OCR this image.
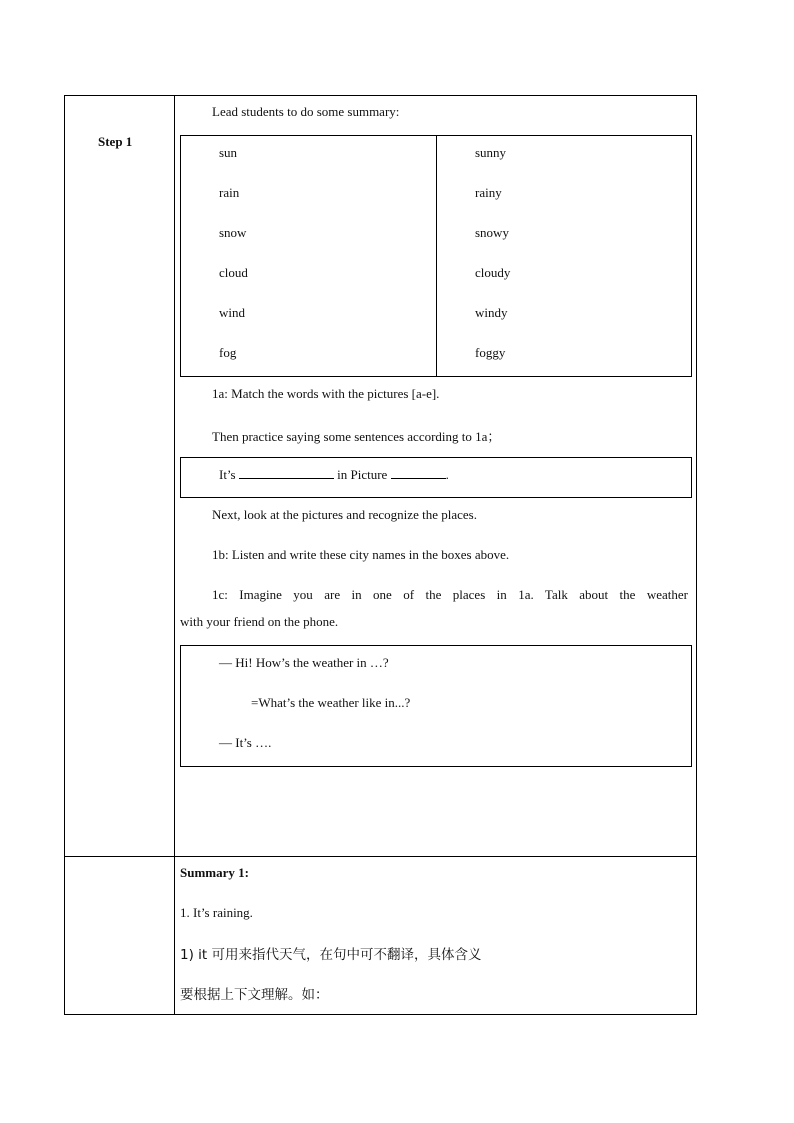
Step 1
Lead students to do some summary:
sun	sunny
rain	rainy
snow	snowy
cloud	cloudy
wind	windy
fog	foggy
1a: Match the words with the pictures [a-e].
Then practice saying some sentences according to 1a；
It’s	in Picture	.
Next, look at the pictures and recognize the places.
1b: Listen and write these city names in the boxes above.
1c: Imagine you are in one of the places in 1a. Talk about the weather
with your friend on the phone.
— Hi! How’s the weather in …?
=What’s the weather like in...?
— It’s ….
Summary 1:
1. It’s raining.
1) it 可用来指代天气，在句中可不翻译，具体含义
要根据上下文理解。如：
